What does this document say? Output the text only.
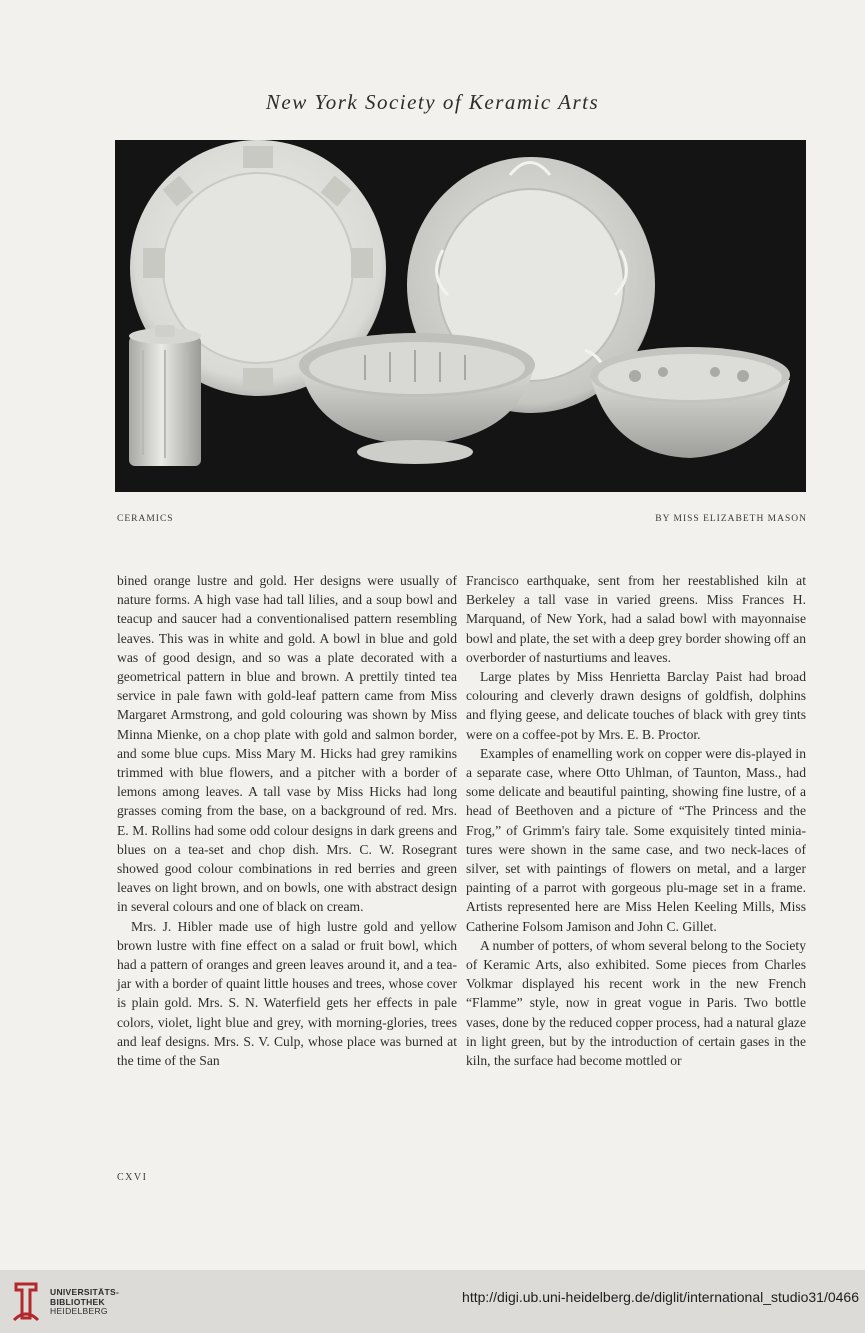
New York Society of Keramic Arts
CERAMICS	BY MISS ELIZABETH MASON

bined orange lustre and gold. Her designs were usually of nature forms. A high vase had tall lilies, and a soup bowl and teacup and saucer had a conventionalised pattern resembling leaves. This was in white and gold. A bowl in blue and gold was of good design, and so was a plate decorated with a geometrical pattern in blue and brown. A prettily tinted tea service in pale fawn with gold-leaf pattern came from Miss Margaret Armstrong, and gold colouring was shown by Miss Minna Mienke, on a chop plate with gold and salmon border, and some blue cups. Miss Mary M. Hicks had grey ramikins trimmed with blue flowers, and a pitcher with a border of lemons among leaves. A tall vase by Miss Hicks had long grasses coming from the base, on a background of red. Mrs. E. M. Rollins had some odd colour designs in dark greens and blues on a tea-set and chop dish. Mrs. C. W. Rosegrant showed good colour combinations in red berries and green leaves on light brown, and on bowls, one with abstract design in several colours and one of black on cream.

Mrs. J. Hibler made use of high lustre gold and yellow brown lustre with fine effect on a salad or fruit bowl, which had a pattern of oranges and green leaves around it, and a tea-jar with a border of quaint little houses and trees, whose cover is plain gold. Mrs. S. N. Waterfield gets her effects in pale colors, violet, light blue and grey, with morning-glories, trees and leaf designs. Mrs. S. V. Culp, whose place was burned at the time of the San

Francisco earthquake, sent from her reestablished kiln at Berkeley a tall vase in varied greens. Miss Frances H. Marquand, of New York, had a salad bowl with mayonnaise bowl and plate, the set with a deep grey border showing off an overborder of nasturtiums and leaves.

Large plates by Miss Henrietta Barclay Paist had broad colouring and cleverly drawn designs of goldfish, dolphins and flying geese, and delicate touches of black with grey tints were on a coffee-pot by Mrs. E. B. Proctor.

Examples of enamelling work on copper were dis-played in a separate case, where Otto Uhlman, of Taunton, Mass., had some delicate and beautiful painting, showing fine lustre, of a head of Beethoven and a picture of “The Princess and the Frog,” of Grimm's fairy tale. Some exquisitely tinted minia-tures were shown in the same case, and two neck-laces of silver, set with paintings of flowers on metal, and a larger painting of a parrot with gorgeous plu-mage set in a frame. Artists represented here are Miss Helen Keeling Mills, Miss Catherine Folsom Jamison and John C. Gillet.

A number of potters, of whom several belong to the Society of Keramic Arts, also exhibited. Some pieces from Charles Volkmar displayed his recent work in the new French “Flamme” style, now in great vogue in Paris. Two bottle vases, done by the reduced copper process, had a natural glaze in light green, but by the introduction of certain gases in the kiln, the surface had become mottled or

CXVI
UNIVERSITÄTS-
BIBLIOTHEK
HEIDELBERG
http://digi.ub.uni-heidelberg.de/diglit/international_studio31/0466
